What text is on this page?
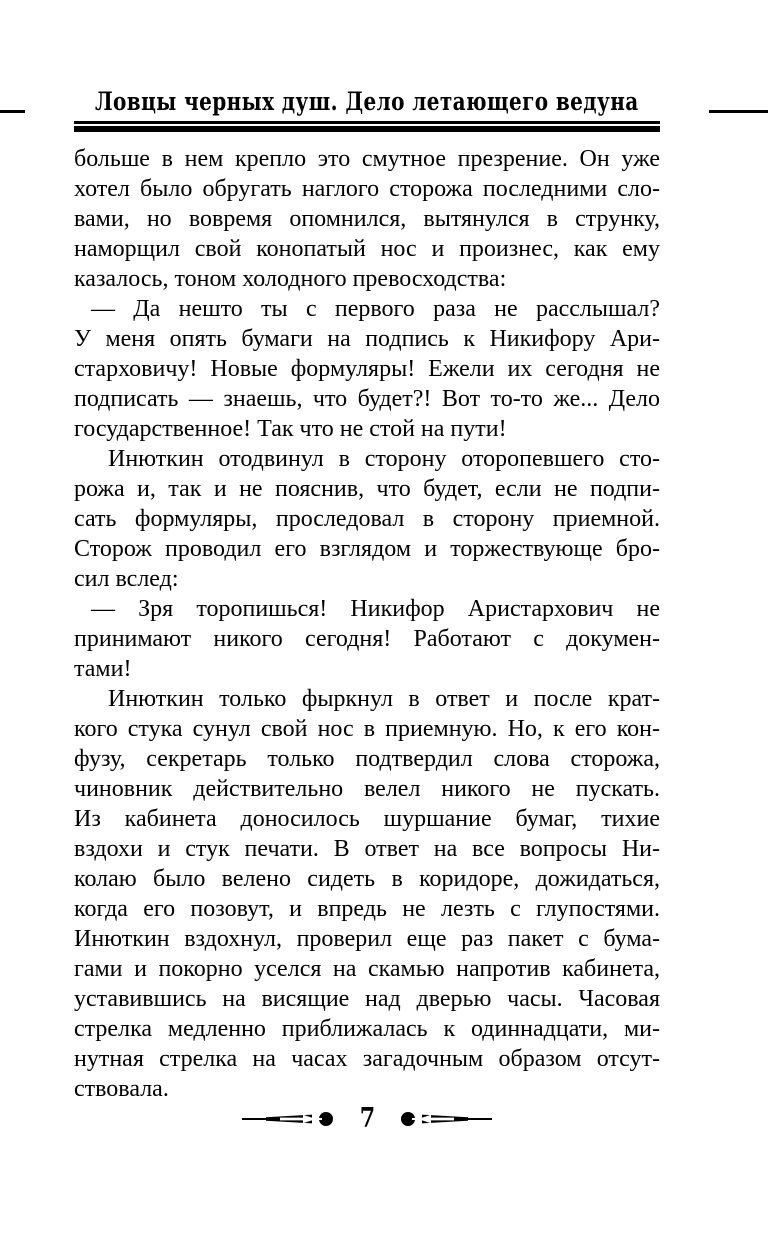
Ловцы черных душ. Дело летающего ведуна
больше в нем крепло это смутное презрение. Он уже
хотел было обругать наглого сторожа последними сло-
вами, но вовремя опомнился, вытянулся в струнку,
наморщил свой конопатый нос и произнес, как ему
казалось, тоном холодного превосходства:
— Да нешто ты с первого раза не расслышал?
У меня опять бумаги на подпись к Никифору Ари-
старховичу! Новые формуляры! Ежели их сегодня не
подписать — знаешь, что будет?! Вот то-то же... Дело
государственное! Так что не стой на пути!
Инюткин отодвинул в сторону оторопевшего сто-
рожа и, так и не пояснив, что будет, если не подпи-
сать формуляры, проследовал в сторону приемной.
Сторож проводил его взглядом и торжествующе бро-
сил вслед:
— Зря торопишься! Никифор Аристархович не
принимают никого сегодня! Работают с докумен-
тами!
Инюткин только фыркнул в ответ и после крат-
кого стука сунул свой нос в приемную. Но, к его кон-
фузу, секретарь только подтвердил слова сторожа,
чиновник действительно велел никого не пускать.
Из кабинета доносилось шуршание бумаг, тихие
вздохи и стук печати. В ответ на все вопросы Ни-
колаю было велено сидеть в коридоре, дожидаться,
когда его позовут, и впредь не лезть с глупостями.
Инюткин вздохнул, проверил еще раз пакет с бума-
гами и покорно уселся на скамью напротив кабинета,
уставившись на висящие над дверью часы. Часовая
стрелка медленно приближалась к одиннадцати, ми-
нутная стрелка на часах загадочным образом отсут-
ствовала.
7
